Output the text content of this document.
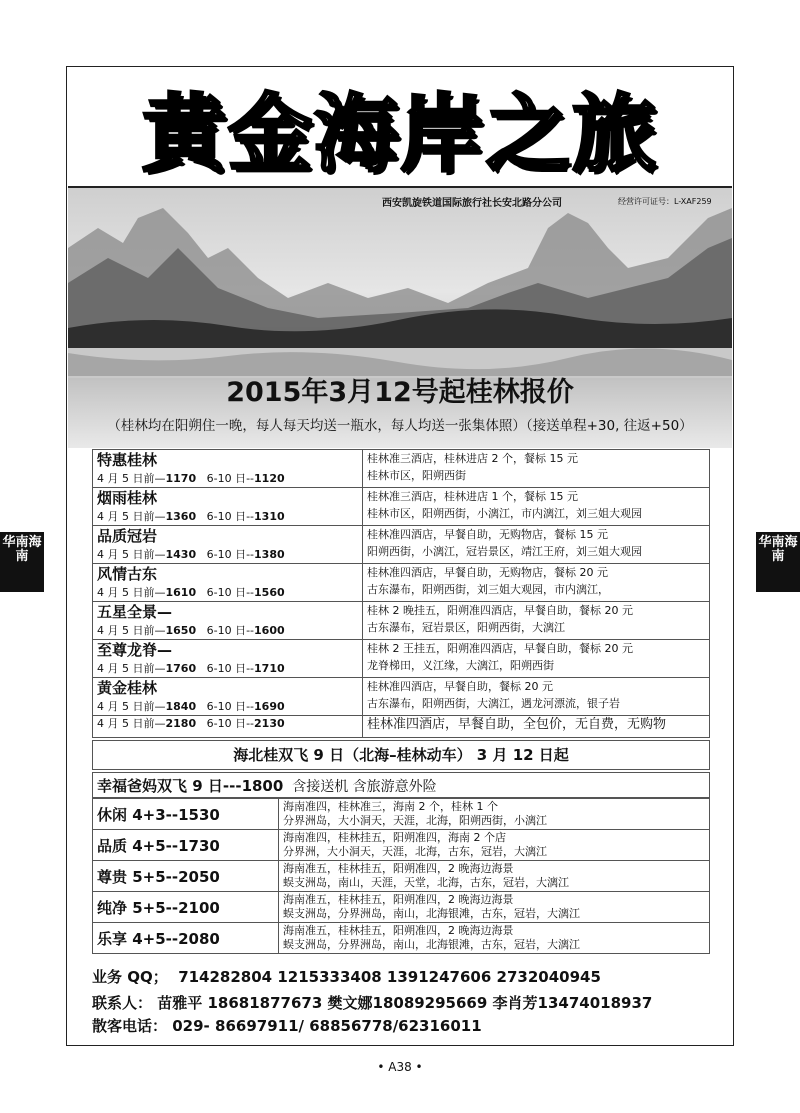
黄金海岸之旅
西安凯旋铁道国际旅行社长安北路分公司	经营许可证号：L-XAF259
2015年3月12号起桂林报价
（桂林均在阳朔住一晚，每人每天均送一瓶水，每人均送一张集体照）（接送单程+30, 往返+50）
特惠桂林
4 月 5 日前—1170 6-10 日--1120	桂林准三酒店，桂林进店 2 个，餐标 15 元
桂林市区，阳朔西街

烟雨桂林
4 月 5 日前—1360 6-10 日--1310	桂林准三酒店，桂林进店 1 个，餐标 15 元
桂林市区，阳朔西街，小漓江，市内漓江，刘三姐大观园

品质冠岩
4 月 5 日前—1430 6-10 日--1380	桂林准四酒店，早餐自助，无购物店，餐标 15 元
阳朔西街，小漓江，冠岩景区，靖江王府，刘三姐大观园

风情古东
4 月 5 日前—1610 6-10 日--1560	桂林准四酒店，早餐自助，无购物店，餐标 20 元
古东瀑布，阳朔西街，刘三姐大观园，市内漓江，

五星全景—
4 月 5 日前—1650 6-10 日--1600	桂林 2 晚挂五，阳朔准四酒店，早餐自助，餐标 20 元
古东瀑布，冠岩景区，阳朔西街，大漓江

至尊龙脊—
4 月 5 日前—1760 6-10 日--1710	桂林 2 王挂五，阳朔准四酒店，早餐自助，餐标 20 元
龙脊梯田，义江缘，大漓江，阳朔西街

黄金桂林
4 月 5 日前—1840 6-10 日--1690	桂林准四酒店，早餐自助，餐标 20 元
古东瀑布，阳朔西街，大漓江，遇龙河漂流，银子岩

4 月 5 日前—2180 6-10 日--2130	桂林准四酒店，早餐自助，全包价，无自费，无购物
海北桂双飞 9 日（北海–桂林动车） 3 月 12 日起
幸福爸妈双飞 9 日---1800 含接送机 含旅游意外险
休闲 4+3--1530	海南准四，桂林准三，海南 2 个，桂林 1 个
分界洲岛，大小洞天，天涯，北海，阳朔西街，小漓江

品质 4+5--1730	海南准四，桂林挂五，阳朔准四，海南 2 个店
分界洲，大小洞天，天涯，北海，古东，冠岩，大漓江

尊贵 5+5--2050	海南准五，桂林挂五，阳朔准四，2 晚海边海景
蜈支洲岛，南山，天涯，天堂，北海，古东，冠岩，大漓江

纯净 5+5--2100	海南准五，桂林挂五，阳朔准四，2 晚海边海景
蜈支洲岛，分界洲岛，南山，北海银滩，古东，冠岩，大漓江

乐享 4+5--2080	海南准五，桂林挂五，阳朔准四，2 晚海边海景
蜈支洲岛，分界洲岛，南山，北海银滩，古东，冠岩，大漓江
业务 QQ； 714282804 1215333408 1391247606 2732040945
联系人： 苗雅平 18681877673 樊文娜18089295669 李肖芳13474018937
散客电话： 029- 86697911/ 68856778/62316011
华南海南
华南海南
• A38 •
